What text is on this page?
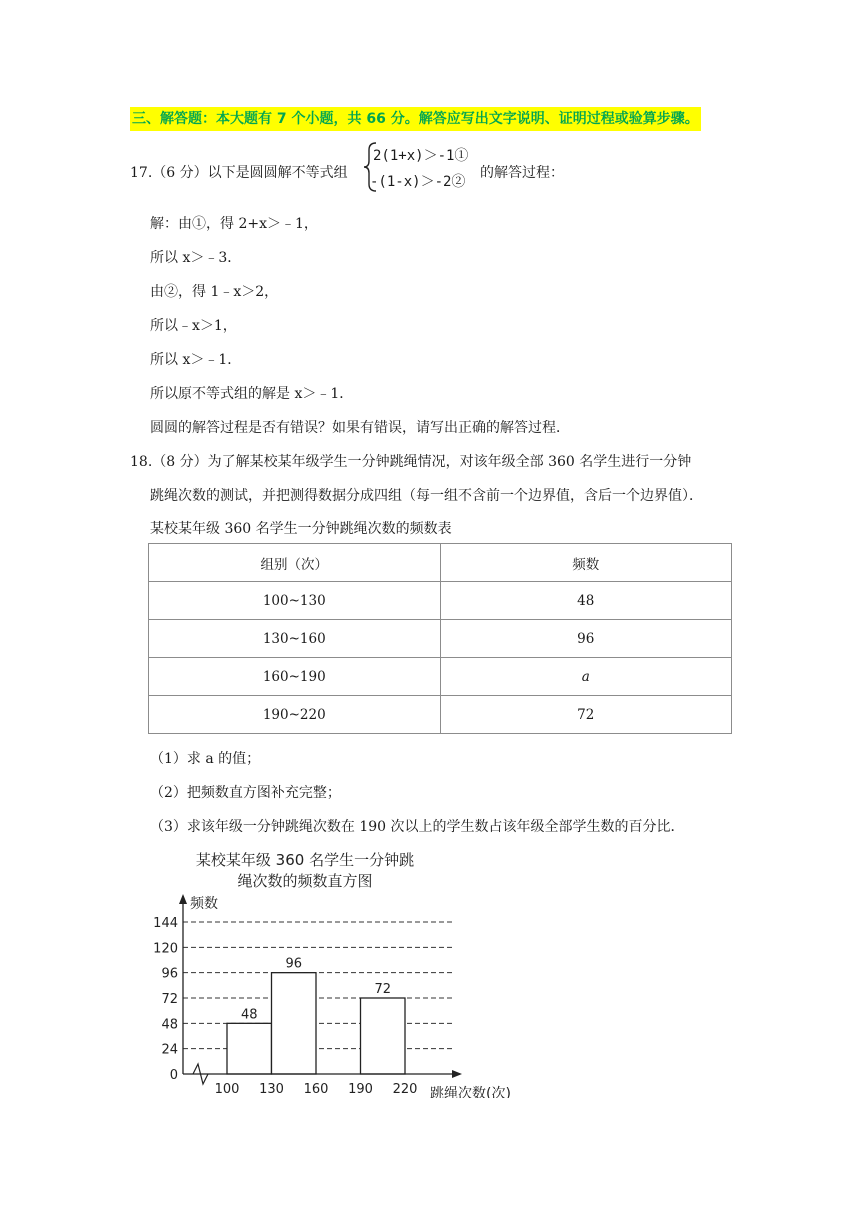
三、解答题：本大题有 7 个小题，共 66 分。解答应写出文字说明、证明过程或验算步骤。
17.（6 分）以下是圆圆解不等式组
2(1+x)＞-1①
-(1-x)＞-2②
的解答过程：
解：由①，得 2+x＞﹣1，
所以 x＞﹣3．
由②，得 1﹣x＞2，
所以﹣x＞1，
所以 x＞﹣1．
所以原不等式组的解是 x＞﹣1．
圆圆的解答过程是否有错误？如果有错误，请写出正确的解答过程．
18.（8 分）为了解某校某年级学生一分钟跳绳情况，对该年级全部 360 名学生进行一分钟
跳绳次数的测试，并把测得数据分成四组（每一组不含前一个边界值，含后一个边界值）．
某校某年级 360 名学生一分钟跳绳次数的频数表
组别（次）	频数
100~130	48
130~160	96
160~190	a
190~220	72
（1）求 a 的值；
（2）把频数直方图补充完整；
（3）求该年级一分钟跳绳次数在 190 次以上的学生数占该年级全部学生数的百分比．
某校某年级 360 名学生一分钟跳
绳次数的频数直方图
48
96
72
0
24
48
72
96
120
144
100 130 160 190 220
频数
跳绳次数(次)
